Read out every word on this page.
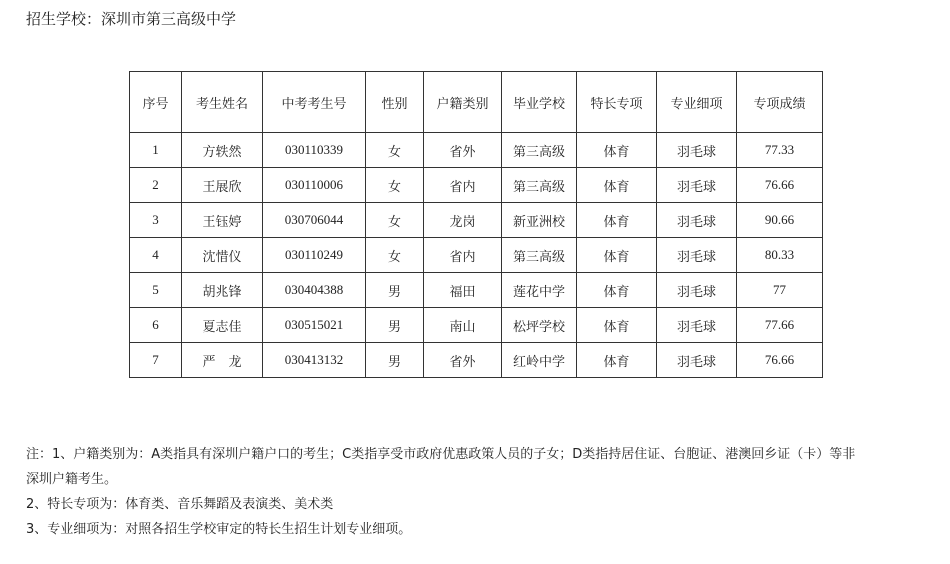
招生学校：深圳市第三高级中学
序号	考生姓名	中考考生号	性别	户籍类别	毕业学校	特长专项	专业细项	专项成绩
1	方轶然	030110339	女	省外	第三高级	体育	羽毛球	77.33
2	王展欣	030110006	女	省内	第三高级	体育	羽毛球	76.66
3	王钰婷	030706044	女	龙岗	新亚洲校	体育	羽毛球	90.66
4	沈惜仪	030110249	女	省内	第三高级	体育	羽毛球	80.33
5	胡兆锋	030404388	男	福田	莲花中学	体育	羽毛球	77
6	夏志佳	030515021	男	南山	松坪学校	体育	羽毛球	77.66
7	严　龙	030413132	男	省外	红岭中学	体育	羽毛球	76.66

注：1、户籍类别为：A类指具有深圳户籍户口的考生；C类指享受市政府优惠政策人员的子女；D类指持居住证、台胞证、港澳回乡证（卡）等非

深圳户籍考生。

2、特长专项为：体育类、音乐舞蹈及表演类、美术类

3、专业细项为：对照各招生学校审定的特长生招生计划专业细项。
